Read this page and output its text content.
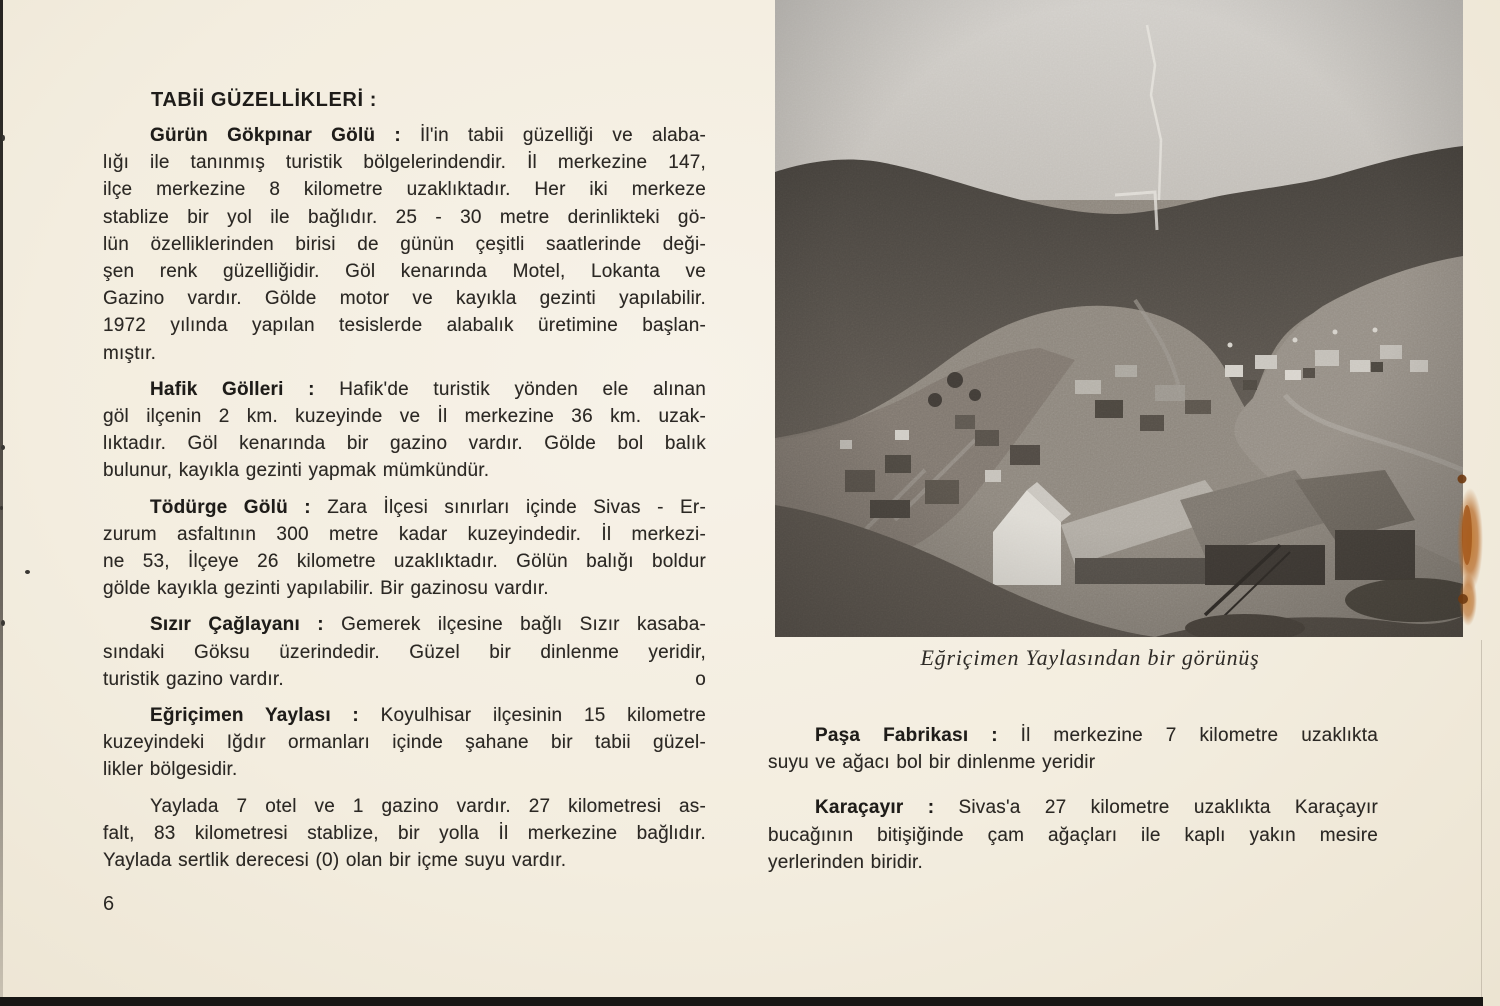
TABİİ GÜZELLİKLERİ :
Gürün Gökpınar Gölü : İl'in tabii güzelliği ve alaba-
lığı ile tanınmış turistik bölgelerindendir. İl merkezine 147,
ilçe merkezine 8 kilometre uzaklıktadır. Her iki merkeze
stablize bir yol ile bağlıdır. 25 - 30 metre derinlikteki gö-
lün özelliklerinden birisi de günün çeşitli saatlerinde deği-
şen renk güzelliğidir. Göl kenarında Motel, Lokanta ve
Gazino vardır. Gölde motor ve kayıkla gezinti yapılabilir.
1972 yılında yapılan tesislerde alabalık üretimine başlan-
mıştır.
Hafik Gölleri : Hafik'de turistik yönden ele alınan
göl ilçenin 2 km. kuzeyinde ve İl merkezine 36 km. uzak-
lıktadır. Göl kenarında bir gazino vardır. Gölde bol balık
bulunur, kayıkla gezinti yapmak mümkündür.
Tödürge Gölü : Zara İlçesi sınırları içinde Sivas - Er-
zurum asfaltının 300 metre kadar kuzeyindedir. İl merkezi-
ne 53, İlçeye 26 kilometre uzaklıktadır. Gölün balığı boldur
gölde kayıkla gezinti yapılabilir. Bir gazinosu vardır.
Sızır Çağlayanı : Gemerek ilçesine bağlı Sızır kasaba-
sındaki Göksu üzerindedir. Güzel bir dinlenme yeridir,
turistik gazino vardır.	o
Eğriçimen Yaylası : Koyulhisar ilçesinin 15 kilometre
kuzeyindeki Iğdır ormanları içinde şahane bir tabii güzel-
likler bölgesidir.
Yaylada 7 otel ve 1 gazino vardır. 27 kilometresi as-
falt, 83 kilometresi stablize, bir yolla İl merkezine bağlıdır.
Yaylada sertlik derecesi (0) olan bir içme suyu vardır.
6
Eğriçimen Yaylasından bir görünüş
Paşa Fabrikası : İl merkezine 7 kilometre uzaklıkta
suyu ve ağacı bol bir dinlenme yeridir
Karaçayır : Sivas'a 27 kilometre uzaklıkta Karaçayır
bucağının bitişiğinde çam ağaçları ile kaplı yakın mesire
yerlerinden biridir.
